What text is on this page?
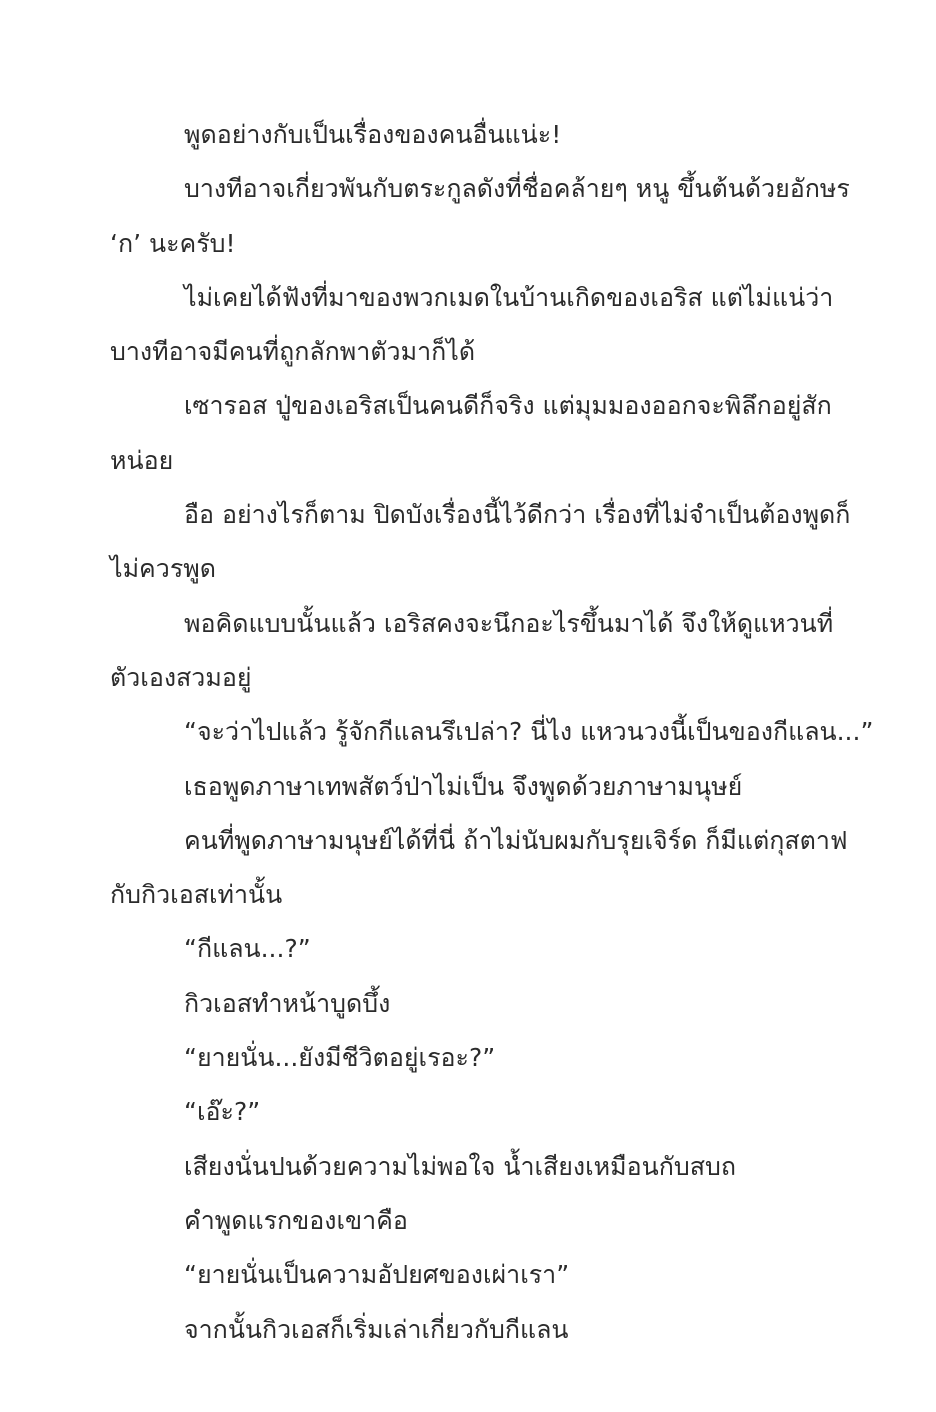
พูดอย่างกับเป็นเรื่องของคนอื่นแน่ะ!
บางทีอาจเกี่ยวพันกับตระกูลดังที่ชื่อคล้ายๆ หนู ขึ้นต้นด้วยอักษร
‘ก’ นะครับ!
ไม่เคยได้ฟังที่มาของพวกเมดในบ้านเกิดของเอริส แต่ไม่แน่ว่า
บางทีอาจมีคนที่ถูกลักพาตัวมาก็ได้
เซารอส ปู่ของเอริสเป็นคนดีก็จริง แต่มุมมองออกจะพิลึกอยู่สัก
หน่อย
อือ อย่างไรก็ตาม ปิดบังเรื่องนี้ไว้ดีกว่า เรื่องที่ไม่จำเป็นต้องพูดก็
ไม่ควรพูด
พอคิดแบบนั้นแล้ว เอริสคงจะนึกอะไรขึ้นมาได้ จึงให้ดูแหวนที่
ตัวเองสวมอยู่
“จะว่าไปแล้ว รู้จักกีแลนรึเปล่า? นี่ไง แหวนวงนี้เป็นของกีแลน...”
เธอพูดภาษาเทพสัตว์ป่าไม่เป็น จึงพูดด้วยภาษามนุษย์
คนที่พูดภาษามนุษย์ได้ที่นี่ ถ้าไม่นับผมกับรุยเจิร์ด ก็มีแต่กุสตาฟ
กับกิวเอสเท่านั้น
“กีแลน...?”
กิวเอสทำหน้าบูดบึ้ง
“ยายนั่น...ยังมีชีวิตอยู่เรอะ?”
“เอ๊ะ?”
เสียงนั่นปนด้วยความไม่พอใจ น้ำเสียงเหมือนกับสบถ
คำพูดแรกของเขาคือ
“ยายนั่นเป็นความอัปยศของเผ่าเรา”
จากนั้นกิวเอสก็เริ่มเล่าเกี่ยวกับกีแลน
